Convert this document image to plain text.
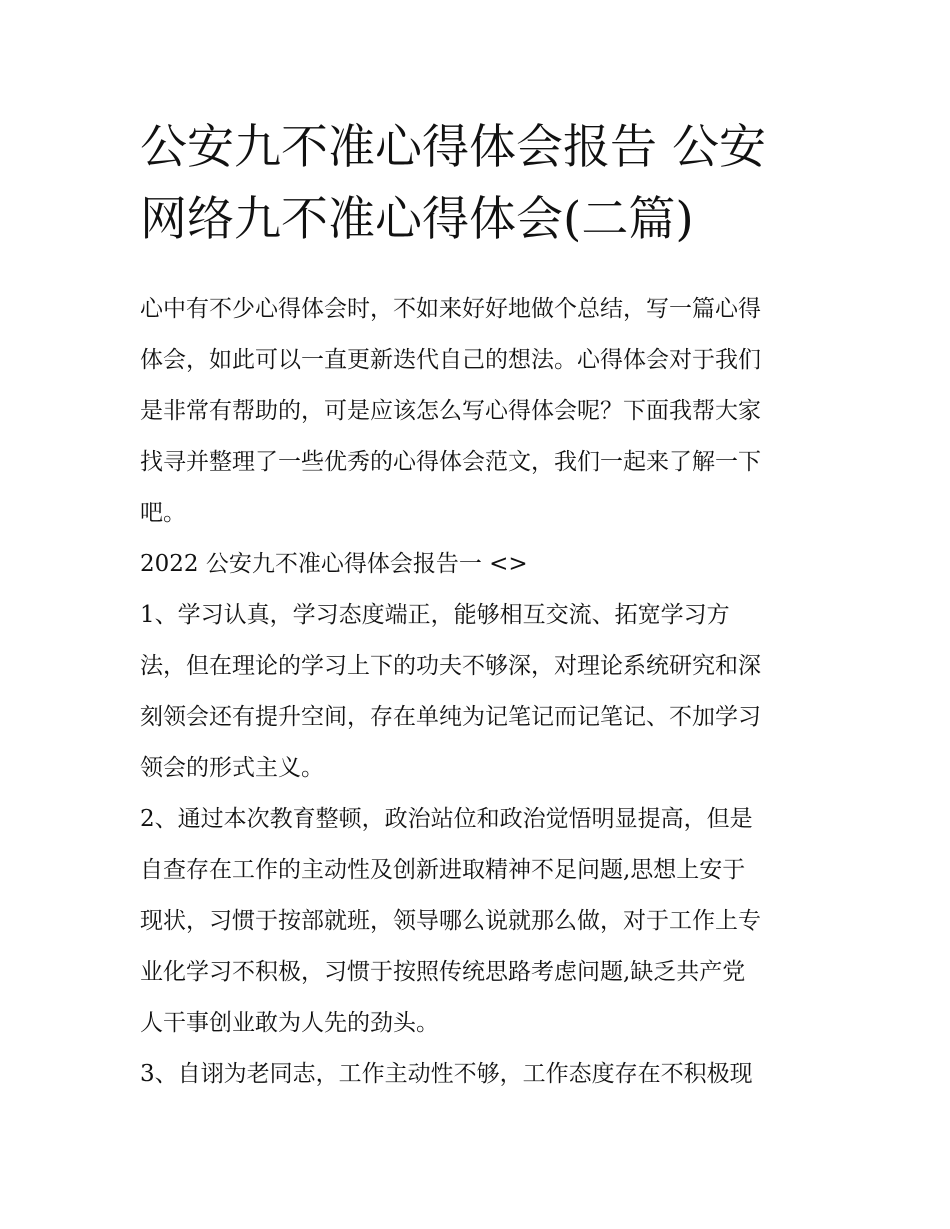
公安九不准心得体会报告 公安
网络九不准心得体会(二篇)
心中有不少心得体会时，不如来好好地做个总结，写一篇心得
体会，如此可以一直更新迭代自己的想法。心得体会对于我们
是非常有帮助的，可是应该怎么写心得体会呢？下面我帮大家
找寻并整理了一些优秀的心得体会范文，我们一起来了解一下
吧。
2022 公安九不准心得体会报告一 <>
1、学习认真，学习态度端正，能够相互交流、拓宽学习方
法，但在理论的学习上下的功夫不够深，对理论系统研究和深
刻领会还有提升空间，存在单纯为记笔记而记笔记、不加学习
领会的形式主义。
2、通过本次教育整顿，政治站位和政治觉悟明显提高，但是
自查存在工作的主动性及创新进取精神不足问题,思想上安于
现状，习惯于按部就班，领导哪么说就那么做，对于工作上专
业化学习不积极，习惯于按照传统思路考虑问题,缺乏共产党
人干事创业敢为人先的劲头。
3、自诩为老同志，工作主动性不够，工作态度存在不积极现
